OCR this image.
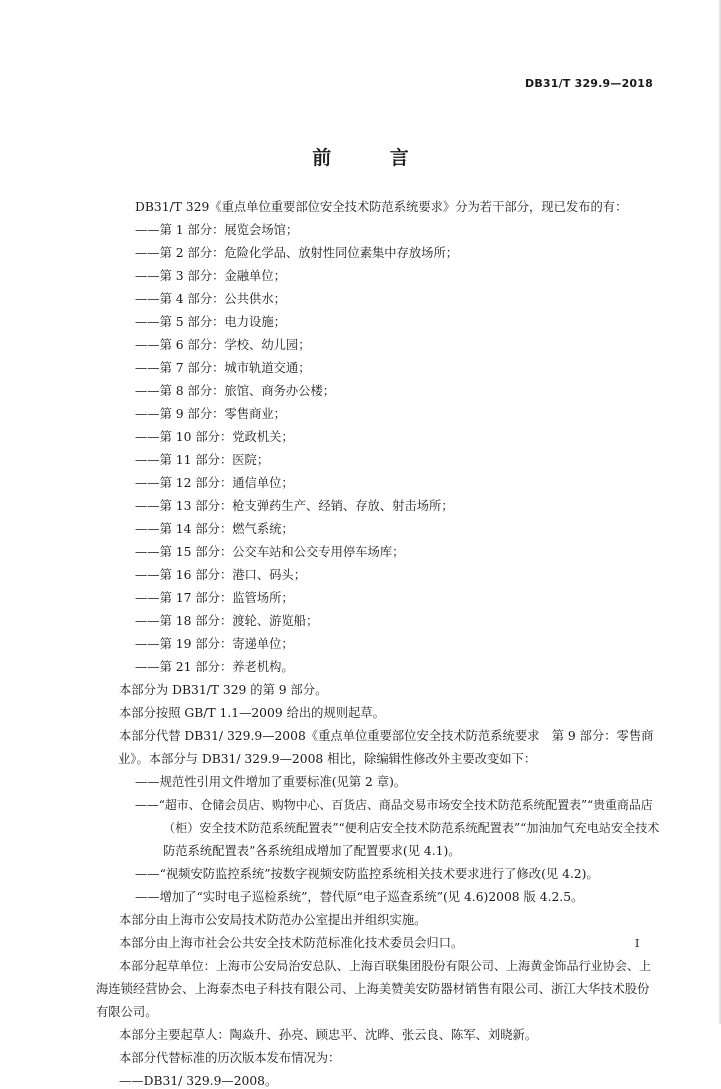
DB31/T 329.9—2018
前 言
DB31/T 329《重点单位重要部位安全技术防范系统要求》分为若干部分，现已发布的有：
——第 1 部分：展览会场馆；
——第 2 部分：危险化学品、放射性同位素集中存放场所；
——第 3 部分：金融单位；
——第 4 部分：公共供水；
——第 5 部分：电力设施；
——第 6 部分：学校、幼儿园；
——第 7 部分：城市轨道交通；
——第 8 部分：旅馆、商务办公楼；
——第 9 部分：零售商业；
——第 10 部分：党政机关；
——第 11 部分：医院；
——第 12 部分：通信单位；
——第 13 部分：枪支弹药生产、经销、存放、射击场所；
——第 14 部分：燃气系统；
——第 15 部分：公交车站和公交专用停车场库；
——第 16 部分：港口、码头；
——第 17 部分：监管场所；
——第 18 部分：渡轮、游览船；
——第 19 部分：寄递单位；
——第 21 部分：养老机构。
本部分为 DB31/T 329 的第 9 部分。
本部分按照 GB/T 1.1—2009 给出的规则起草。
本部分代替 DB31/ 329.9—2008《重点单位重要部位安全技术防范系统要求　第 9 部分：零售商
业》。本部分与 DB31/ 329.9—2008 相比，除编辑性修改外主要改变如下：
——规范性引用文件增加了重要标准(见第 2 章)。
——“超市、仓储会员店、购物中心、百货店、商品交易市场安全技术防范系统配置表”“贵重商品店
（柜）安全技术防范系统配置表”“便利店安全技术防范系统配置表”“加油加气充电站安全技术
防范系统配置表”各系统组成增加了配置要求(见 4.1)。
——“视频安防监控系统”按数字视频安防监控系统相关技术要求进行了修改(见 4.2)。
——增加了“实时电子巡检系统”，替代原“电子巡查系统”(见 4.6)2008 版 4.2.5。
本部分由上海市公安局技术防范办公室提出并组织实施。
本部分由上海市社会公共安全技术防范标准化技术委员会归口。
本部分起草单位：上海市公安局治安总队、上海百联集团股份有限公司、上海黄金饰品行业协会、上
海连锁经营协会、上海泰杰电子科技有限公司、上海美赞美安防器材销售有限公司、浙江大华技术股份
有限公司。
本部分主要起草人：陶焱升、孙亮、顾忠平、沈晔、张云良、陈军、刘晓新。
本部分代替标准的历次版本发布情况为：
——DB31/ 329.9—2008。
I
